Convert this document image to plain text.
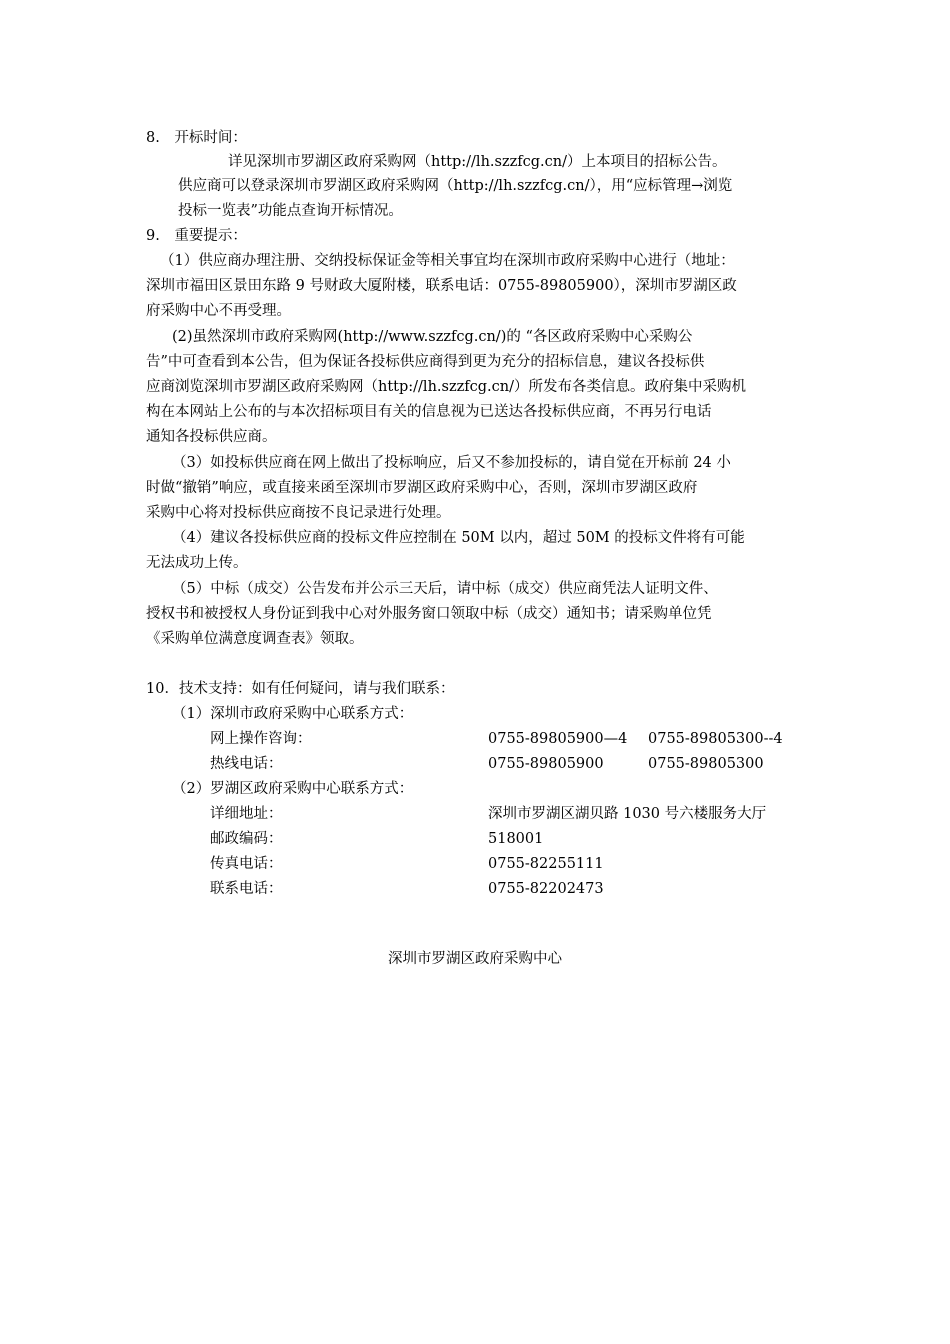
8.　开标时间：
详见深圳市罗湖区政府采购网（http://lh.szzfcg.cn/）上本项目的招标公告。
供应商可以登录深圳市罗湖区政府采购网（http://lh.szzfcg.cn/），用“应标管理→浏览
投标一览表”功能点查询开标情况。
9.　重要提示：
（1）供应商办理注册、交纳投标保证金等相关事宜均在深圳市政府采购中心进行（地址：
深圳市福田区景田东路 9 号财政大厦附楼，联系电话：0755-89805900），深圳市罗湖区政
府采购中心不再受理。
(2)虽然深圳市政府采购网(http://www.szzfcg.cn/)的 “各区政府采购中心采购公
告”中可查看到本公告，但为保证各投标供应商得到更为充分的招标信息，建议各投标供
应商浏览深圳市罗湖区政府采购网（http://lh.szzfcg.cn/）所发布各类信息。政府集中采购机
构在本网站上公布的与本次招标项目有关的信息视为已送达各投标供应商，不再另行电话
通知各投标供应商。
（3）如投标供应商在网上做出了投标响应，后又不参加投标的，请自觉在开标前 24 小
时做“撤销”响应，或直接来函至深圳市罗湖区政府采购中心，否则，深圳市罗湖区政府
采购中心将对投标供应商按不良记录进行处理。
（4）建议各投标供应商的投标文件应控制在 50M 以内，超过 50M 的投标文件将有可能
无法成功上传。
（5）中标（成交）公告发布并公示三天后，请中标（成交）供应商凭法人证明文件、
授权书和被授权人身份证到我中心对外服务窗口领取中标（成交）通知书；请采购单位凭
《采购单位满意度调查表》领取。
10．技术支持：如有任何疑问，请与我们联系：
（1）深圳市政府采购中心联系方式：
网上操作咨询：	0755-89805900—4 0755-89805300--4
热线电话：	0755-89805900	0755-89805300
（2）罗湖区政府采购中心联系方式：
详细地址：	深圳市罗湖区湖贝路 1030 号六楼服务大厅
邮政编码：	518001
传真电话：	0755-82255111
联系电话：	0755-82202473
深圳市罗湖区政府采购中心
